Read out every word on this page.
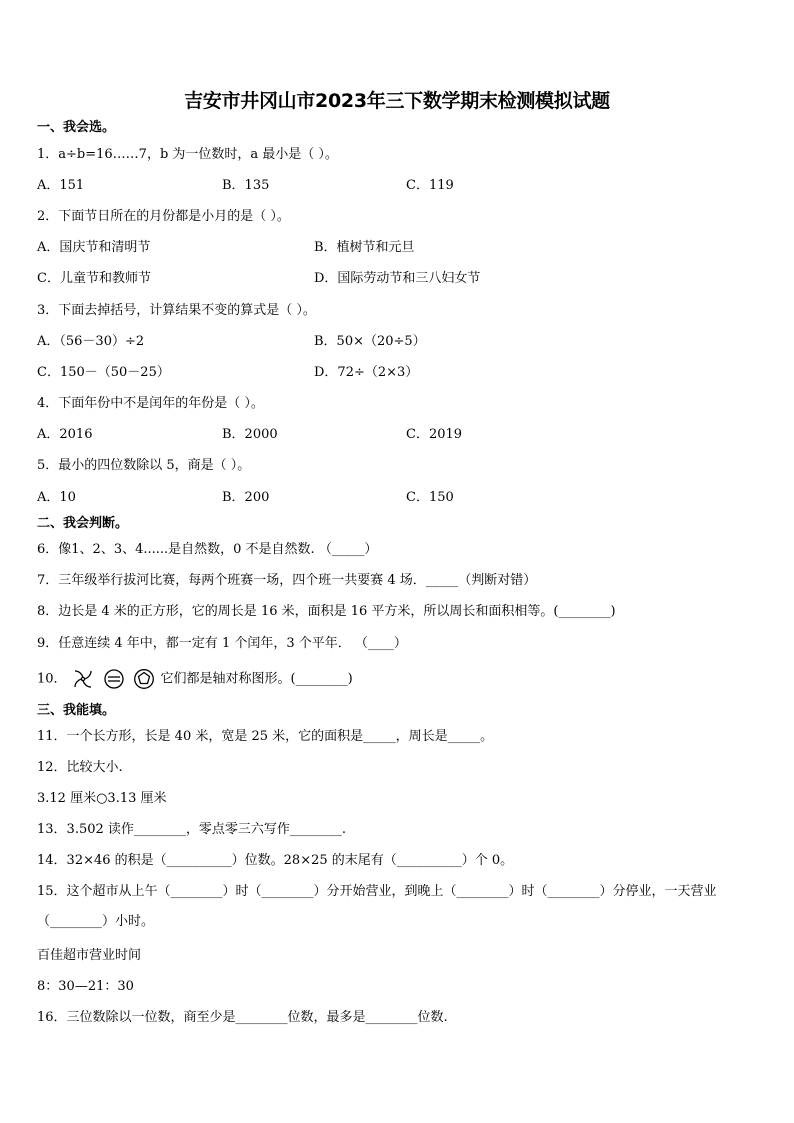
吉安市井冈山市2023年三下数学期末检测模拟试题
一、我会选。
1．a÷b=16……7，b 为一位数时，a 最小是（ ）。
A．151	B．135	C．119
2．下面节日所在的月份都是小月的是（ ）。
A．国庆节和清明节	B．植树节和元旦
C．儿童节和教师节	D．国际劳动节和三八妇女节
3．下面去掉括号，计算结果不变的算式是（ ）。
A．（56－30）÷2	B．50×（20÷5）
C．150－（50－25）	D．72÷（2×3）
4．下面年份中不是闰年的年份是（ ）。
A．2016	B．2000	C．2019
5．最小的四位数除以 5，商是（ ）。
A．10	B．200	C．150
二、我会判断。
6．像1、2、3、4......是自然数，0 不是自然数. （_____）
7．三年级举行拔河比赛，每两个班赛一场，四个班一共要赛 4 场．_____（判断对错）
8．边长是 4 米的正方形，它的周长是 16 米，面积是 16 平方米，所以周长和面积相等。(________)
9．任意连续 4 年中，都一定有 1 个闰年，3 个平年． （____）
10．	它们都是轴对称图形。(________)
三、我能填。
11．一个长方形，长是 40 米，宽是 25 米，它的面积是_____，周长是_____。
12．比较大小.
3.12 厘米○3.13 厘米
13．3.502 读作________，零点零三六写作________.
14．32×46 的积是（__________）位数。28×25 的末尾有（__________）个 0。
15．这个超市从上午（________）时（________）分开始营业，到晚上（________）时（________）分停业，一天营业（________）小时。
百佳超市营业时间
8：30—21：30
16．三位数除以一位数，商至少是________位数，最多是________位数.
